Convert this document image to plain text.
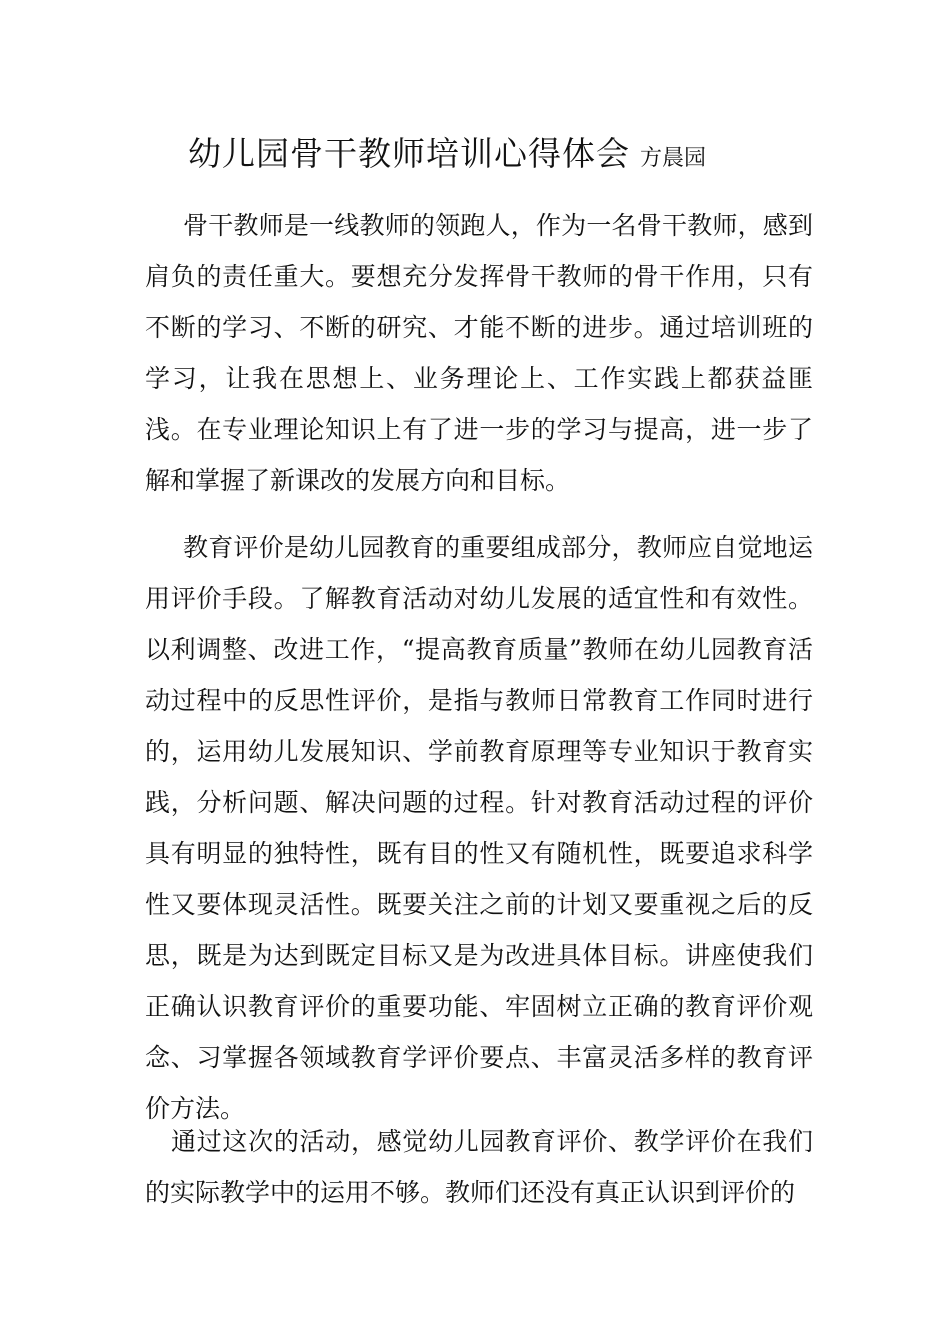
幼儿园骨干教师培训心得体会 方晨园

骨干教师是一线教师的领跑人，作为一名骨干教师，感到肩负的责任重大。要想充分发挥骨干教师的骨干作用，只有不断的学习、不断的研究、才能不断的进步。通过培训班的学习，让我在思想上、业务理论上、工作实践上都获益匪浅。在专业理论知识上有了进一步的学习与提高，进一步了解和掌握了新课改的发展方向和目标。

教育评价是幼儿园教育的重要组成部分，教师应自觉地运用评价手段。了解教育活动对幼儿发展的适宜性和有效性。以利调整、改进工作，“提高教育质量”教师在幼儿园教育活动过程中的反思性评价，是指与教师日常教育工作同时进行的，运用幼儿发展知识、学前教育原理等专业知识于教育实践，分析问题、解决问题的过程。针对教育活动过程的评价具有明显的独特性，既有目的性又有随机性，既要追求科学性又要体现灵活性。既要关注之前的计划又要重视之后的反思，既是为达到既定目标又是为改进具体目标。讲座使我们正确认识教育评价的重要功能、牢固树立正确的教育评价观念、习掌握各领域教育学评价要点、丰富灵活多样的教育评价方法。

通过这次的活动，感觉幼儿园教育评价、教学评价在我们的实际教学中的运用不够。教师们还没有真正认识到评价的
